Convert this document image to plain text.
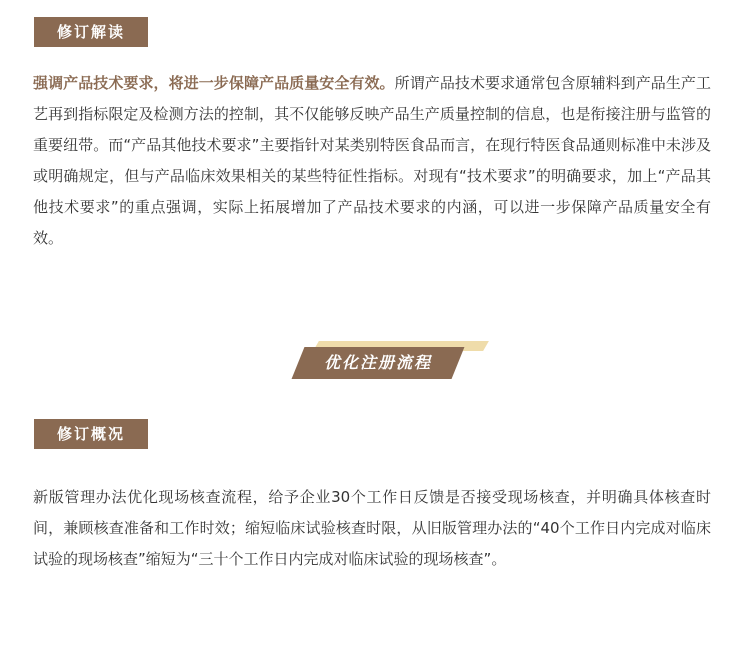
修订解读

强调产品技术要求，将进一步保障产品质量安全有效。所谓产品技术要求通常包含原辅料到产品生产工艺再到指标限定及检测方法的控制，其不仅能够反映产品生产质量控制的信息，也是衔接注册与监管的重要纽带。而“产品其他技术要求”主要指针对某类别特医食品而言，在现行特医食品通则标准中未涉及或明确规定，但与产品临床效果相关的某些特征性指标。对现有“技术要求”的明确要求，加上“产品其他技术要求”的重点强调，实际上拓展增加了产品技术要求的内涵，可以进一步保障产品质量安全有效。

优化注册流程
修订概况

新版管理办法优化现场核查流程，给予企业30个工作日反馈是否接受现场核查，并明确具体核查时间，兼顾核查准备和工作时效；缩短临床试验核查时限，从旧版管理办法的“40个工作日内完成对临床试验的现场核查”缩短为“三十个工作日内完成对临床试验的现场核查”。
